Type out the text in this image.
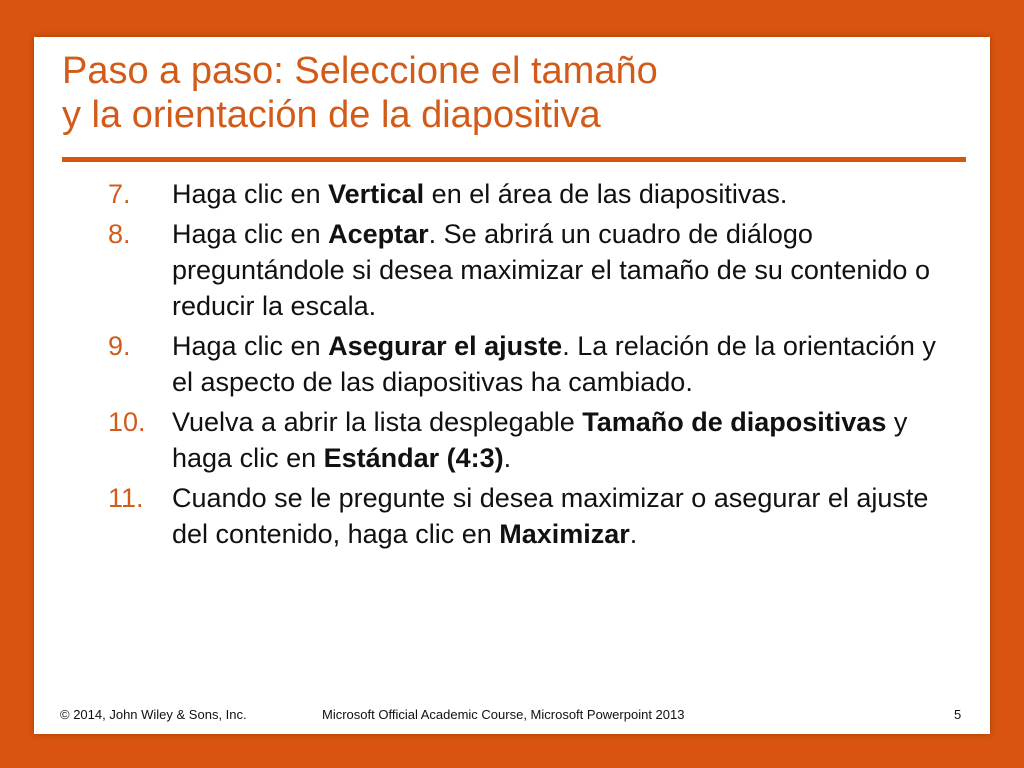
Paso a paso: Seleccione el tamaño
y la orientación de la diapositiva
7. Haga clic en Vertical en el área de las diapositivas.
8. Haga clic en Aceptar. Se abrirá un cuadro de diálogo preguntándole si desea maximizar el tamaño de su contenido o reducir la escala.
9. Haga clic en Asegurar el ajuste. La relación de la orientación y el aspecto de las diapositivas ha cambiado.
10. Vuelva a abrir la lista desplegable Tamaño de diapositivas y haga clic en Estándar (4:3).
11. Cuando se le pregunte si desea maximizar o asegurar el ajuste del contenido, haga clic en Maximizar.
© 2014, John Wiley & Sons, Inc.	Microsoft Official Academic Course, Microsoft Powerpoint 2013	5
